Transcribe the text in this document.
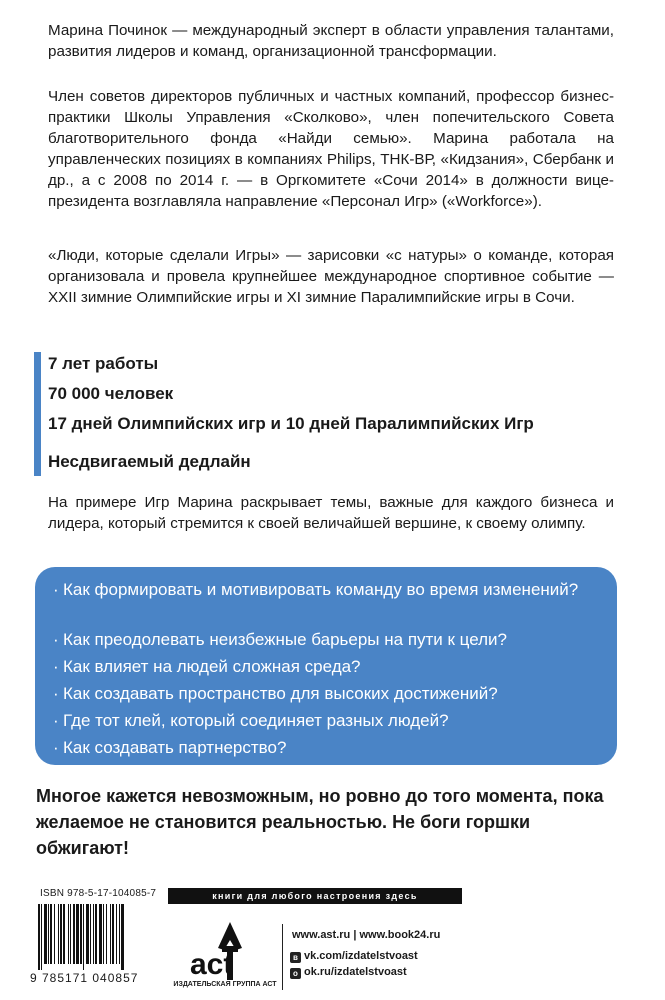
Марина Починок — международный эксперт в области управления талантами, развития лидеров и команд, организационной трансформации.

Член советов директоров публичных и частных компаний, профессор бизнес-практики Школы Управления «Сколково», член попечительского Совета благотворительного фонда «Найди семью». Марина работала на управленческих позициях в компаниях Philips, ТНК-ВР, «Кидзания», Сбербанк и др., а с 2008 по 2014 г. — в Оргкомитете «Сочи 2014» в должности вице-президента возглавляла направление «Персонал Игр» («Workforce»).

«Люди, которые сделали Игры» — зарисовки «с натуры» о команде, которая организовала и провела крупнейшее международное спортивное событие — XXII зимние Олимпийские игры и XI зимние Паралимпийские игры в Сочи.

7 лет работы
70 000 человек
17 дней Олимпийских игр и 10 дней Паралимпийских Игр
Несдвигаемый дедлайн

На примере Игр Марина раскрывает темы, важные для каждого бизнеса и лидера, который стремится к своей величайшей вершине, к своему олимпу.

· Как формировать и мотивировать команду во время изменений?

· Как преодолевать неизбежные барьеры на пути к цели?

· Как влияет на людей сложная среда?

· Как создавать пространство для высоких достижений?

· Где тот клей, который соединяет разных людей?

· Как создавать партнерство?

Многое кажется невозможным, но ровно до того момента, пока желаемое не становится реальностью. Не боги горшки обжигают!

ISBN 978-5-17-104085-7
9 785171 040857
книги для любого настроения здесь
act
ИЗДАТЕЛЬСКАЯ ГРУППА АСТ
www.ast.ru | www.book24.ru
в vk.com/izdatelstvoast
о ok.ru/izdatelstvoast
